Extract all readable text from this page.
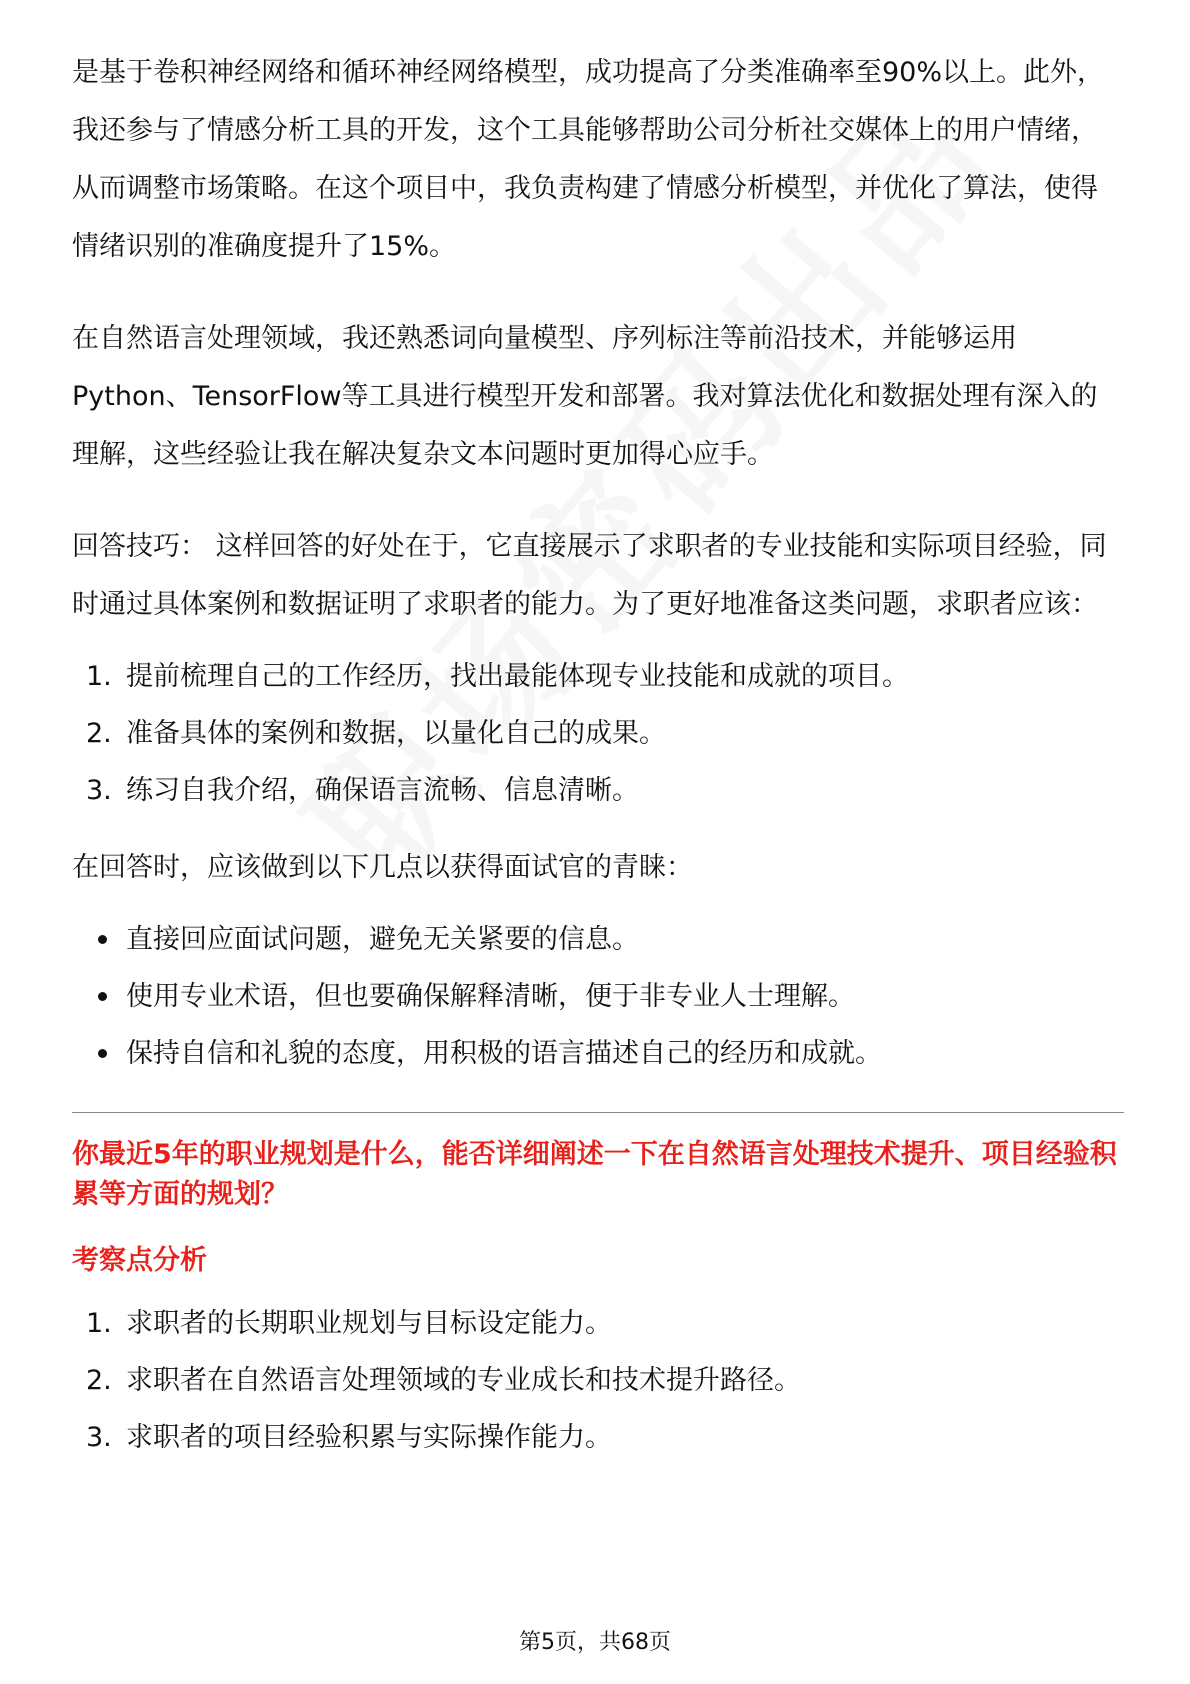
是基于卷积神经网络和循环神经网络模型，成功提高了分类准确率至90%以上。此外，我还参与了情感分析工具的开发，这个工具能够帮助公司分析社交媒体上的用户情绪，从而调整市场策略。在这个项目中，我负责构建了情感分析模型，并优化了算法，使得情绪识别的准确度提升了15%。

在自然语言处理领域，我还熟悉词向量模型、序列标注等前沿技术，并能够运用Python、TensorFlow等工具进行模型开发和部署。我对算法优化和数据处理有深入的理解，这些经验让我在解决复杂文本问题时更加得心应手。

回答技巧： 这样回答的好处在于，它直接展示了求职者的专业技能和实际项目经验，同时通过具体案例和数据证明了求职者的能力。为了更好地准备这类问题，求职者应该：

1. 提前梳理自己的工作经历，找出最能体现专业技能和成就的项目。
2. 准备具体的案例和数据，以量化自己的成果。
3. 练习自我介绍，确保语言流畅、信息清晰。

在回答时，应该做到以下几点以获得面试官的青睐：

直接回应面试问题，避免无关紧要的信息。
使用专业术语，但也要确保解释清晰，便于非专业人士理解。
保持自信和礼貌的态度，用积极的语言描述自己的经历和成就。

你最近5年的职业规划是什么，能否详细阐述一下在自然语言处理技术提升、项目经验积累等方面的规划？

考察点分析

1. 求职者的长期职业规划与目标设定能力。
2. 求职者在自然语言处理领域的专业成长和技术提升路径。
3. 求职者的项目经验积累与实际操作能力。
第5页，共68页
